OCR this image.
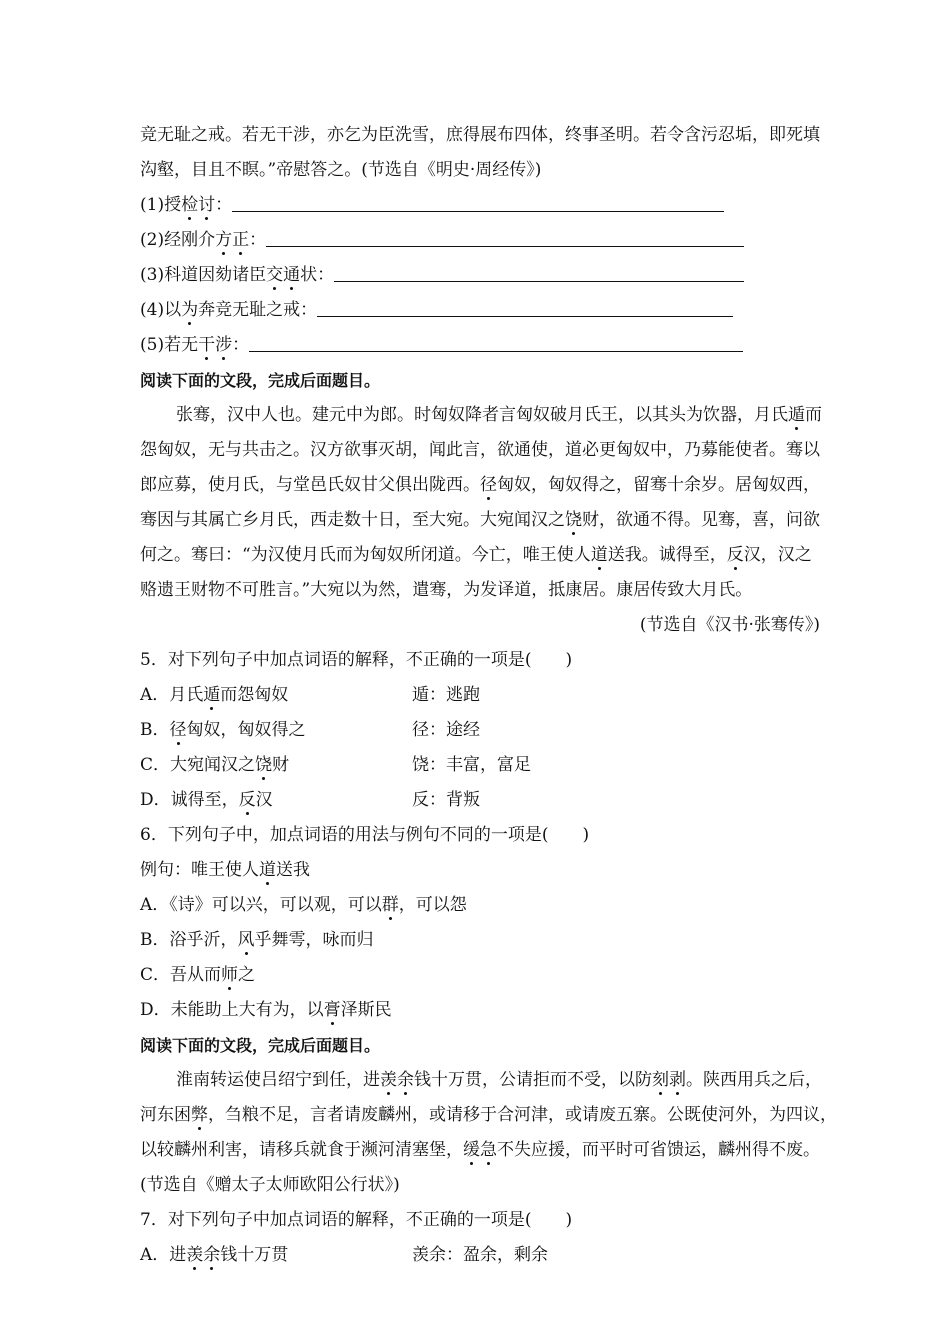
竞无耻之戒。若无干涉，亦乞为臣洗雪，庶得展布四体，终事圣明。若令含污忍垢，即死填
沟壑，目且不瞑。”帝慰答之。(节选自《明史·周经传》)
(1)授检讨：
(2)经刚介方正：
(3)科道因劾诸臣交通状：
(4)以为奔竞无耻之戒：
(5)若无干涉：
阅读下面的文段，完成后面题目。
张骞，汉中人也。建元中为郎。时匈奴降者言匈奴破月氏王，以其头为饮器，月氏遁而
怨匈奴，无与共击之。汉方欲事灭胡，闻此言，欲通使，道必更匈奴中，乃募能使者。骞以
郎应募，使月氏，与堂邑氏奴甘父俱出陇西。径匈奴，匈奴得之，留骞十余岁。居匈奴西，
骞因与其属亡乡月氏，西走数十日，至大宛。大宛闻汉之饶财，欲通不得。见骞，喜，问欲
何之。骞曰：“为汉使月氏而为匈奴所闭道。今亡，唯王使人道送我。诚得至，反汉，汉之
赂遗王财物不可胜言。”大宛以为然，遣骞，为发译道，抵康居。康居传致大月氏。
(节选自《汉书·张骞传》)
5．对下列句子中加点词语的解释，不正确的一项是(　　)
A．月氏遁而怨匈奴	遁：逃跑
B．径匈奴，匈奴得之	径：途经
C．大宛闻汉之饶财	饶：丰富，富足
D．诚得至，反汉	反：背叛
6．下列句子中，加点词语的用法与例句不同的一项是(　　)
例句：唯王使人道送我
A．《诗》可以兴，可以观，可以群，可以怨
B．浴乎沂，风乎舞雩，咏而归
C．吾从而师之
D．未能助上大有为，以膏泽斯民
阅读下面的文段，完成后面题目。
淮南转运使吕绍宁到任，进羡余钱十万贯，公请拒而不受，以防刻剥。陕西用兵之后，
河东困弊，刍粮不足，言者请废麟州，或请移于合河津，或请废五寨。公既使河外，为四议，
以较麟州利害，请移兵就食于濒河清塞堡，缓急不失应援，而平时可省馈运，麟州得不废。
(节选自《赠太子太师欧阳公行状》)
7．对下列句子中加点词语的解释，不正确的一项是(　　)
A．进羡余钱十万贯	羡余：盈余，剩余
